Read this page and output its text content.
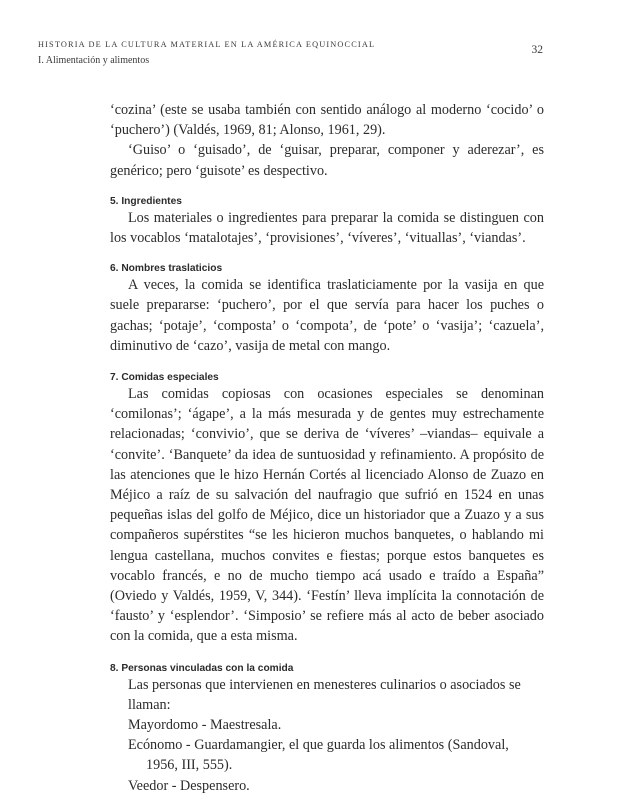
HISTORIA DE LA CULTURA MATERIAL EN LA AMÉRICA EQUINOCCIAL
I. Alimentación y alimentos
32

‘cozina’ (este se usaba también con sentido análogo al moderno ‘cocido’ o ‘puchero’) (Valdés, 1969, 81; Alonso, 1961, 29).

‘Guiso’ o ‘guisado’, de ‘guisar, preparar, componer y aderezar’, es genérico; pero ‘guisote’ es despectivo.

5. Ingredientes

Los materiales o ingredientes para preparar la comida se distinguen con los vocablos ‘matalotajes’, ‘provisiones’, ‘víveres’, ‘vituallas’, ‘viandas’.

6. Nombres traslaticios

A veces, la comida se identifica traslaticiamente por la vasija en que suele prepararse: ‘puchero’, por el que servía para hacer los puches o gachas; ‘potaje’, ‘composta’ o ‘compota’, de ‘pote’ o ‘vasija’; ‘cazuela’, diminutivo de ‘cazo’, vasija de metal con mango.

7. Comidas especiales

Las comidas copiosas con ocasiones especiales se denominan ‘comilonas’; ‘ágape’, a la más mesurada y de gentes muy estrechamente relacionadas; ‘convivio’, que se deriva de ‘víveres’ –viandas– equivale a ‘convite’. ‘Banquete’ da idea de suntuosidad y refinamiento. A propósito de las atenciones que le hizo Hernán Cortés al licenciado Alonso de Zuazo en Méjico a raíz de su salvación del naufragio que sufrió en 1524 en unas pequeñas islas del golfo de Méjico, dice un historiador que a Zuazo y a sus compañeros supérstites “se les hicieron muchos banquetes, o hablando mi lengua castellana, muchos convites e fiestas; porque estos banquetes es vocablo francés, e no de mucho tiempo acá usado e traído a España” (Oviedo y Valdés, 1959, V, 344). ‘Festín’ lleva implícita la connotación de ‘fausto’ y ‘esplendor’. ‘Simposio’ se refiere más al acto de beber asociado con la comida, que a esta misma.

8. Personas vinculadas con la comida

Las personas que intervienen en menesteres culinarios o asociados se llaman:

Mayordomo - Maestresala.

Ecónomo - Guardamangier, el que guarda los alimentos (Sandoval, 1956, III, 555).

Veedor - Despensero.
